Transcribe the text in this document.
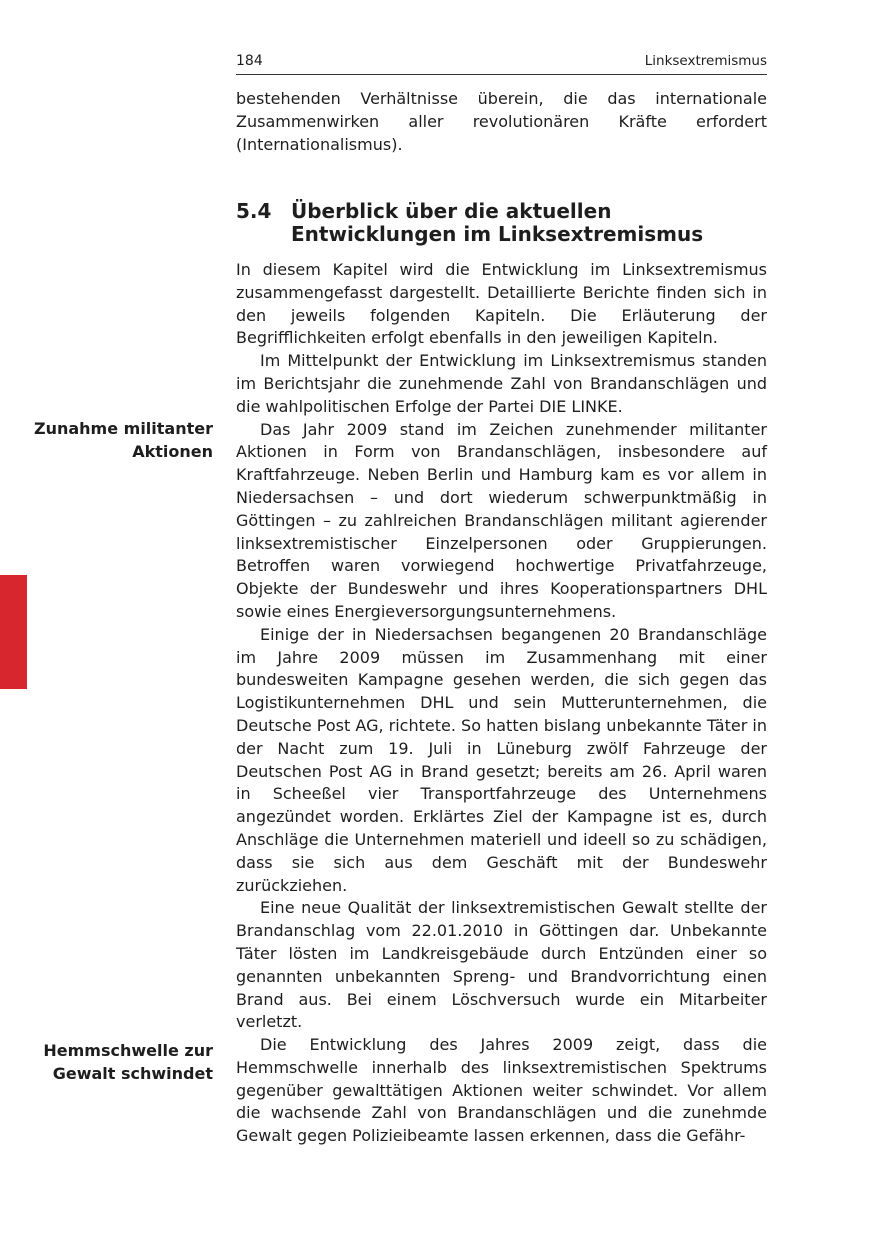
184	Linksextremismus

bestehenden Verhältnisse überein, die das internationale Zusammenwirken aller revolutionären Kräfte erfordert (Internationalismus).

5.4 Überblick über die aktuellen Entwicklungen im Linksextremismus
Zunahme militanter Aktionen
Hemmschwelle zur Gewalt schwindet

In diesem Kapitel wird die Entwicklung im Linksextremismus zusammengefasst dargestellt. Detaillierte Berichte finden sich in den jeweils folgenden Kapiteln. Die Erläuterung der Begrifflichkeiten erfolgt ebenfalls in den jeweiligen Kapiteln.

Im Mittelpunkt der Entwicklung im Linksextremismus standen im Berichtsjahr die zunehmende Zahl von Brandanschlägen und die wahlpolitischen Erfolge der Partei DIE LINKE.

Das Jahr 2009 stand im Zeichen zunehmender militanter Aktionen in Form von Brandanschlägen, insbesondere auf Kraftfahrzeuge. Neben Berlin und Hamburg kam es vor allem in Niedersachsen – und dort wiederum schwerpunktmäßig in Göttingen – zu zahlreichen Brandanschlägen militant agierender linksextremistischer Einzelpersonen oder Gruppierungen. Betroffen waren vorwiegend hochwertige Privatfahrzeuge, Objekte der Bundeswehr und ihres Kooperationspartners DHL sowie eines Energieversorgungsunternehmens.

Einige der in Niedersachsen begangenen 20 Brandanschläge im Jahre 2009 müssen im Zusammenhang mit einer bundesweiten Kampagne gesehen werden, die sich gegen das Logistikunternehmen DHL und sein Mutterunternehmen, die Deutsche Post AG, richtete. So hatten bislang unbekannte Täter in der Nacht zum 19. Juli in Lüneburg zwölf Fahrzeuge der Deutschen Post AG in Brand gesetzt; bereits am 26. April waren in Scheeßel vier Transportfahrzeuge des Unternehmens angezündet worden. Erklärtes Ziel der Kampagne ist es, durch Anschläge die Unternehmen materiell und ideell so zu schädigen, dass sie sich aus dem Geschäft mit der Bundeswehr zurückziehen.

Eine neue Qualität der linksextremistischen Gewalt stellte der Brandanschlag vom 22.01.2010 in Göttingen dar. Unbekannte Täter lösten im Landkreisgebäude durch Entzünden einer so genannten unbekannten Spreng- und Brandvorrichtung einen Brand aus. Bei einem Löschversuch wurde ein Mitarbeiter verletzt.

Die Entwicklung des Jahres 2009 zeigt, dass die Hemmschwelle innerhalb des linksextremistischen Spektrums gegenüber gewalttätigen Aktionen weiter schwindet. Vor allem die wachsende Zahl von Brandanschlägen und die zunehmde Gewalt gegen Polizieibeamte lassen erkennen, dass die Gefähr-
